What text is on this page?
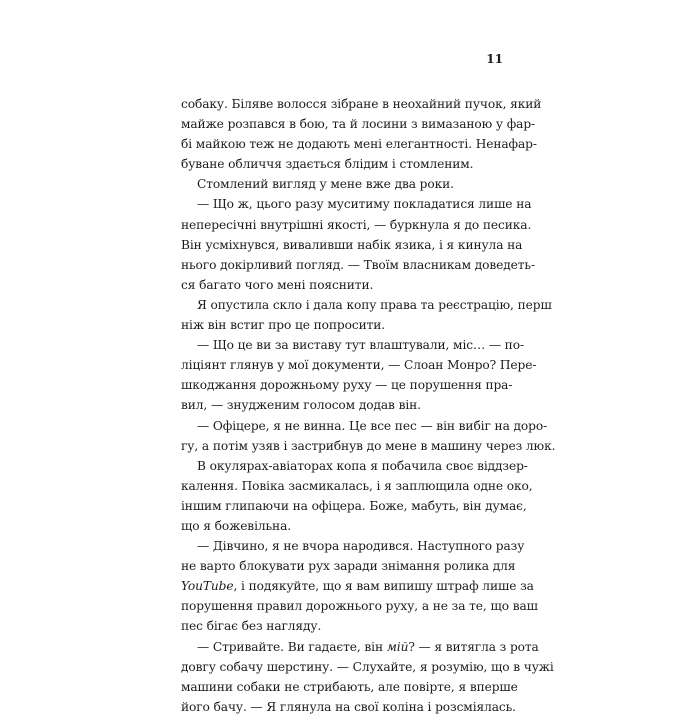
11
собаку. Біляве волосся зібране в неохайний пучок, який
майже розпався в бою, та й лосини з вимазаною у фар-
бі майкою теж не додають мені елегантності. Ненафар-
буване обличчя здається блідим і стомленим.
Стомлений вигляд у мене вже два роки.
— Що ж, цього разу муситиму покладатися лише на
непересічні внутрішні якості, — буркнула я до песика.
Він усміхнувся, виваливши набік язика, і я кинула на
нього докірливий погляд. — Твоїм власникам доведеть-
ся багато чого мені пояснити.
Я опустила скло і дала копу права та реєстрацію, перш
ніж він встиг про це попросити.
— Що це ви за виставу тут влаштували, міс… — по-
ліціянт глянув у мої документи, — Слоан Монро? Пере-
шкоджання дорожньому руху — це порушення пра-
вил, — знудженим голосом додав він.
— Офіцере, я не винна. Це все пес — він вибіг на доро-
гу, а потім узяв і застрибнув до мене в машину через люк.
В окулярах-авіаторах копа я побачила своє віддзер-
калення. Повіка засмикалась, і я заплющила одне око,
іншим глипаючи на офіцера. Боже, мабуть, він думає,
що я божевільна.
— Дівчино, я не вчора народився. Наступного разу
не варто блокувати рух заради знімання ролика для
YouTube, і подякуйте, що я вам випишу штраф лише за
порушення правил дорожнього руху, а не за те, що ваш
пес бігає без нагляду.
— Стривайте. Ви гадаєте, він мій? — я витягла з рота
довгу собачу шерстину. — Слухайте, я розумію, що в чужі
машини собаки не стрибають, але повірте, я вперше
його бачу. — Я глянула на свої коліна і розсміялась.
